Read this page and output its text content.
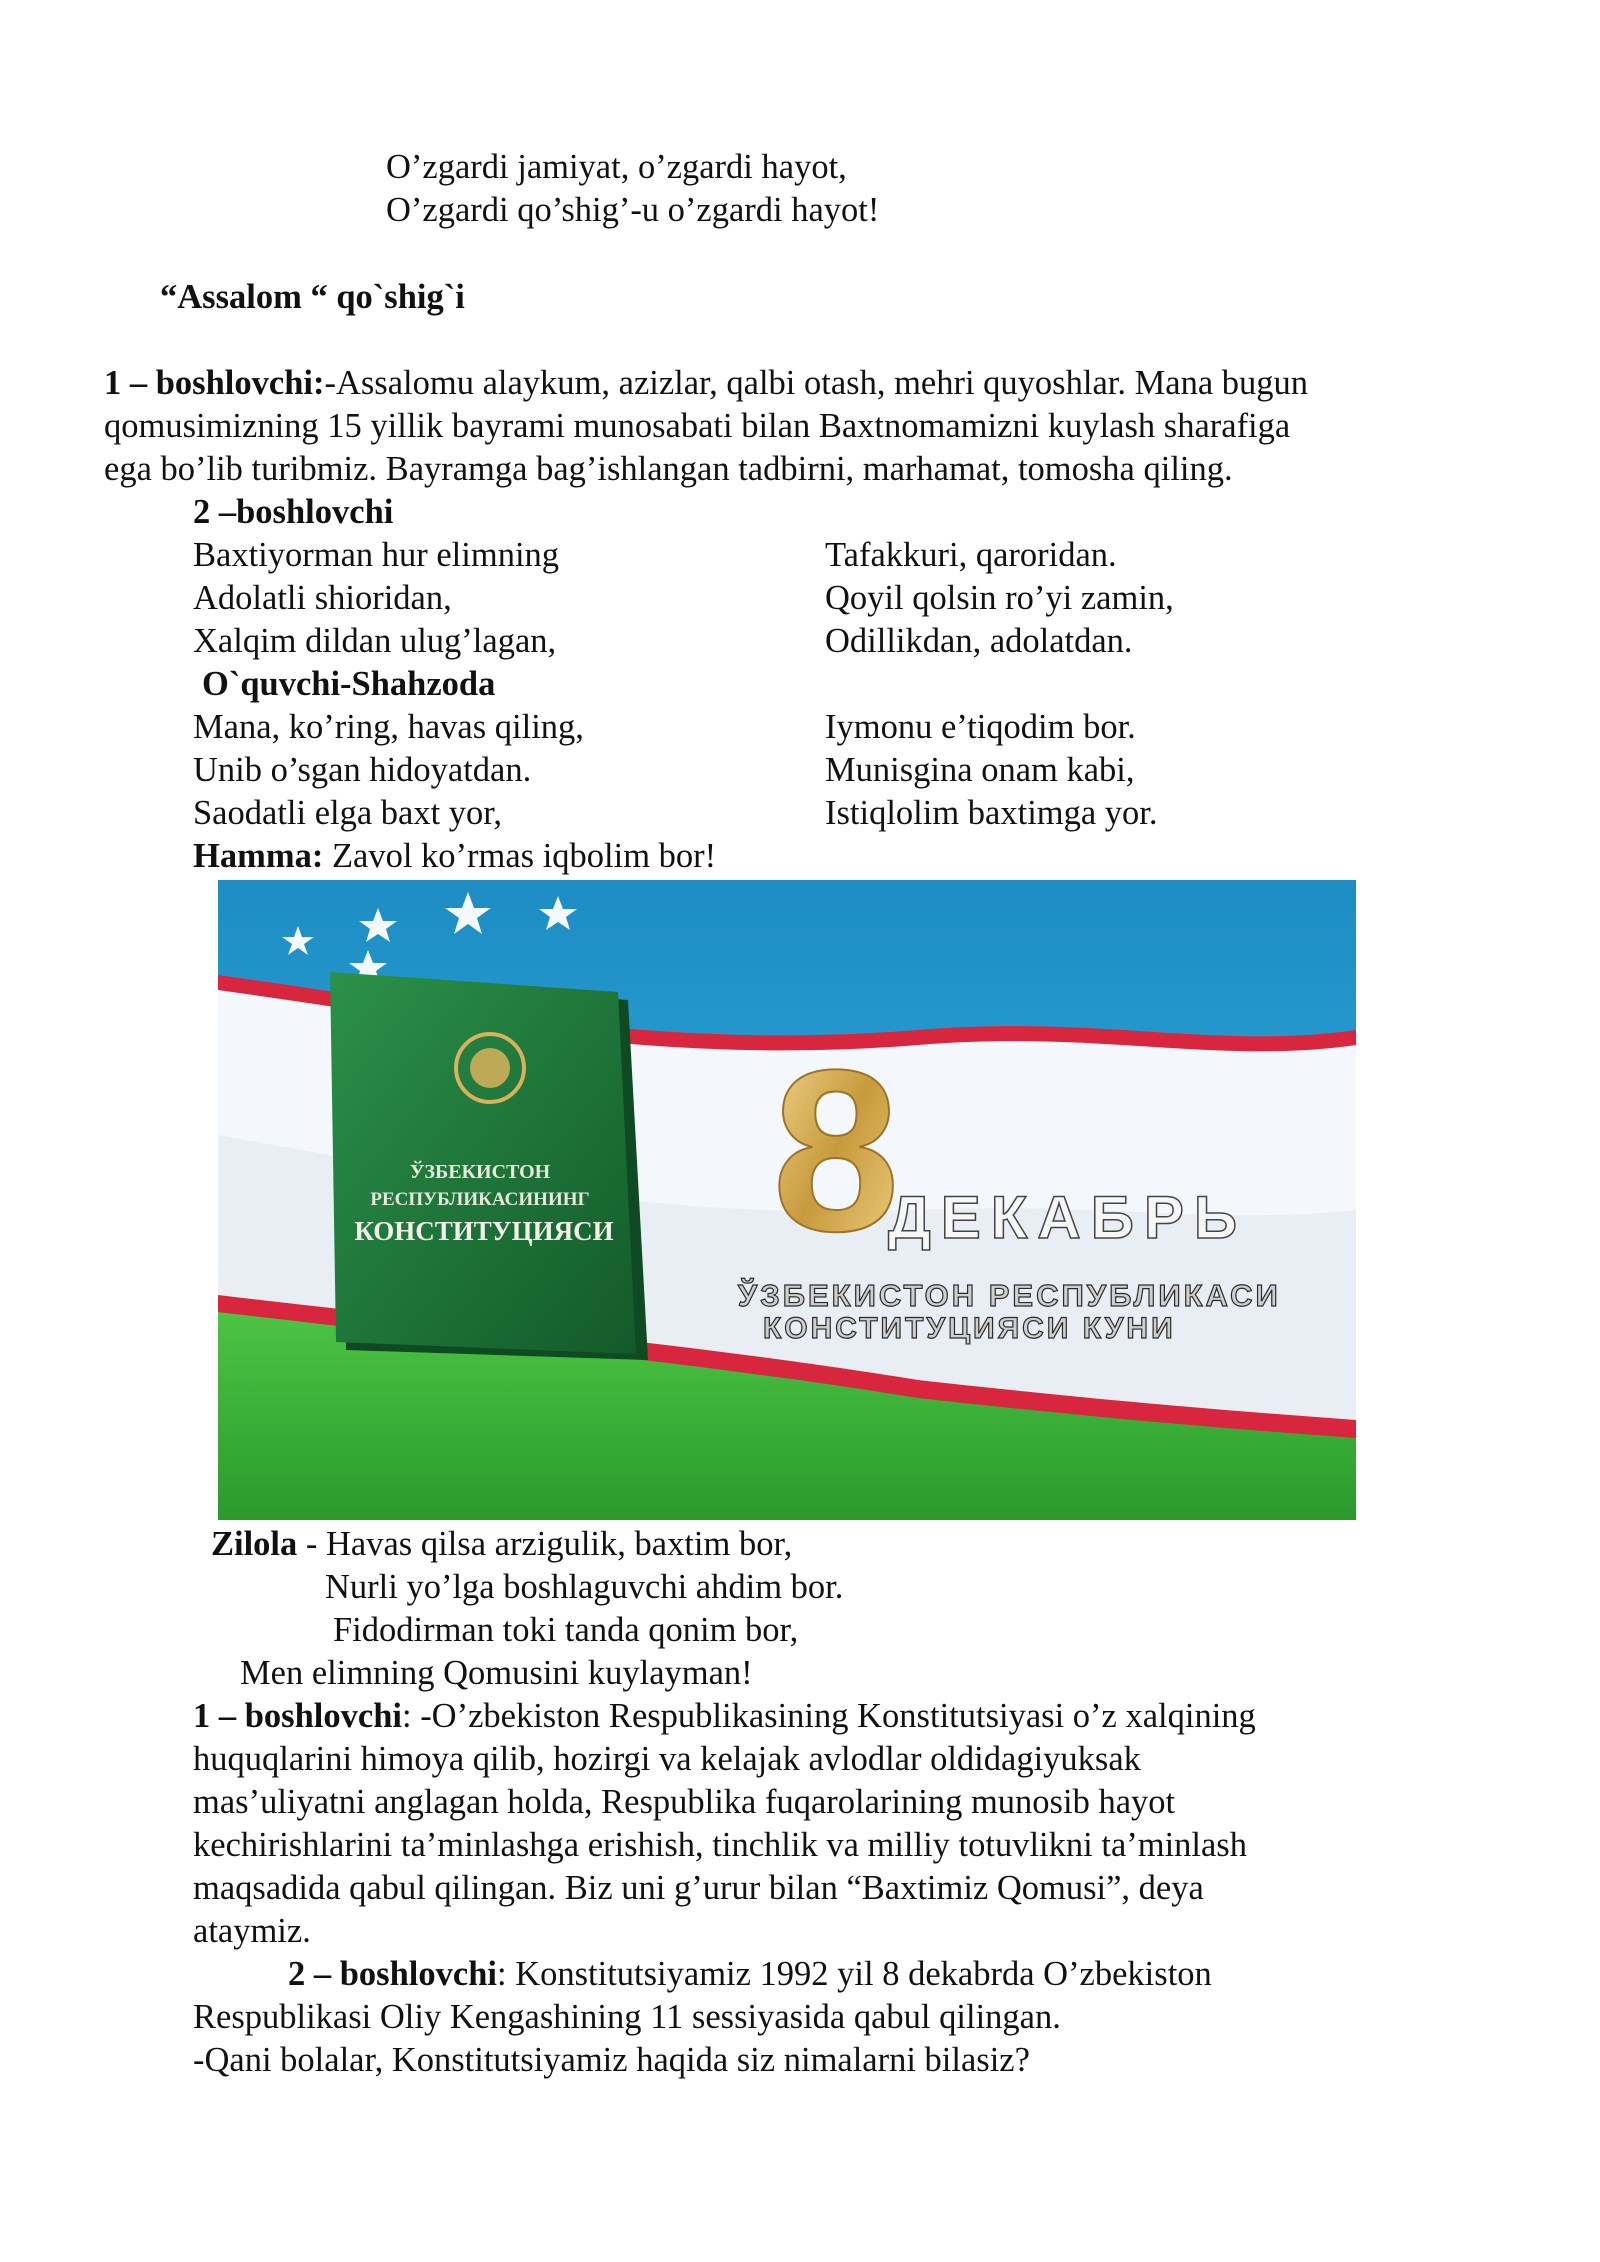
O’zgardi jamiyat, o’zgardi hayot,
O’zgardi qo’shig’-u o’zgardi hayot!
“Assalom “ qo`shig`i
1 – boshlovchi:-Assalomu alaykum, azizlar, qalbi otash, mehri quyoshlar. Mana bugun
qomusimizning 15 yillik bayrami munosabati bilan Baxtnomamizni kuylash sharafiga
ega bo’lib turibmiz. Bayramga bag’ishlangan tadbirni, marhamat, tomosha qiling.
2 –boshlovchi
Baxtiyorman hur elimning
Adolatli shioridan,
Xalqim dildan ulug’lagan,
Tafakkuri, qaroridan.
Qoyil qolsin ro’yi zamin,
Odillikdan, adolatdan.
O`quvchi-Shahzoda
Mana, ko’ring, havas qiling,
Unib o’sgan hidoyatdan.
Saodatli elga baxt yor,
Iymonu e’tiqodim bor.
Munisgina onam kabi,
Istiqlolim baxtimga yor.
Hamma: Zavol ko’rmas iqbolim bor!
ЎЗБЕКИСТОН
РЕСПУБЛИКАСИНИНГ
КОНСТИТУЦИЯСИ 8
ДЕКАБРЬ
ЎЗБЕКИСТОН РЕСПУБЛИКАСИ
КОНСТИТУЦИЯСИ КУНИ
Zilola - Havas qilsa arzigulik, baxtim bor,
Nurli yo’lga boshlaguvchi ahdim bor.
Fidodirman toki tanda qonim bor,
Men elimning Qomusini kuylayman!
1 – boshlovchi: -O’zbekiston Respublikasining Konstitutsiyasi o’z xalqining
huquqlarini himoya qilib, hozirgi va kelajak avlodlar oldidagiyuksak
mas’uliyatni anglagan holda, Respublika fuqarolarining munosib hayot
kechirishlarini ta’minlashga erishish, tinchlik va milliy totuvlikni ta’minlash
maqsadida qabul qilingan. Biz uni g’urur bilan “Baxtimiz Qomusi”, deya
ataymiz.
2 – boshlovchi: Konstitutsiyamiz 1992 yil 8 dekabrda O’zbekiston
Respublikasi Oliy Kengashining 11 sessiyasida qabul qilingan.
-Qani bolalar, Konstitutsiyamiz haqida siz nimalarni bilasiz?
